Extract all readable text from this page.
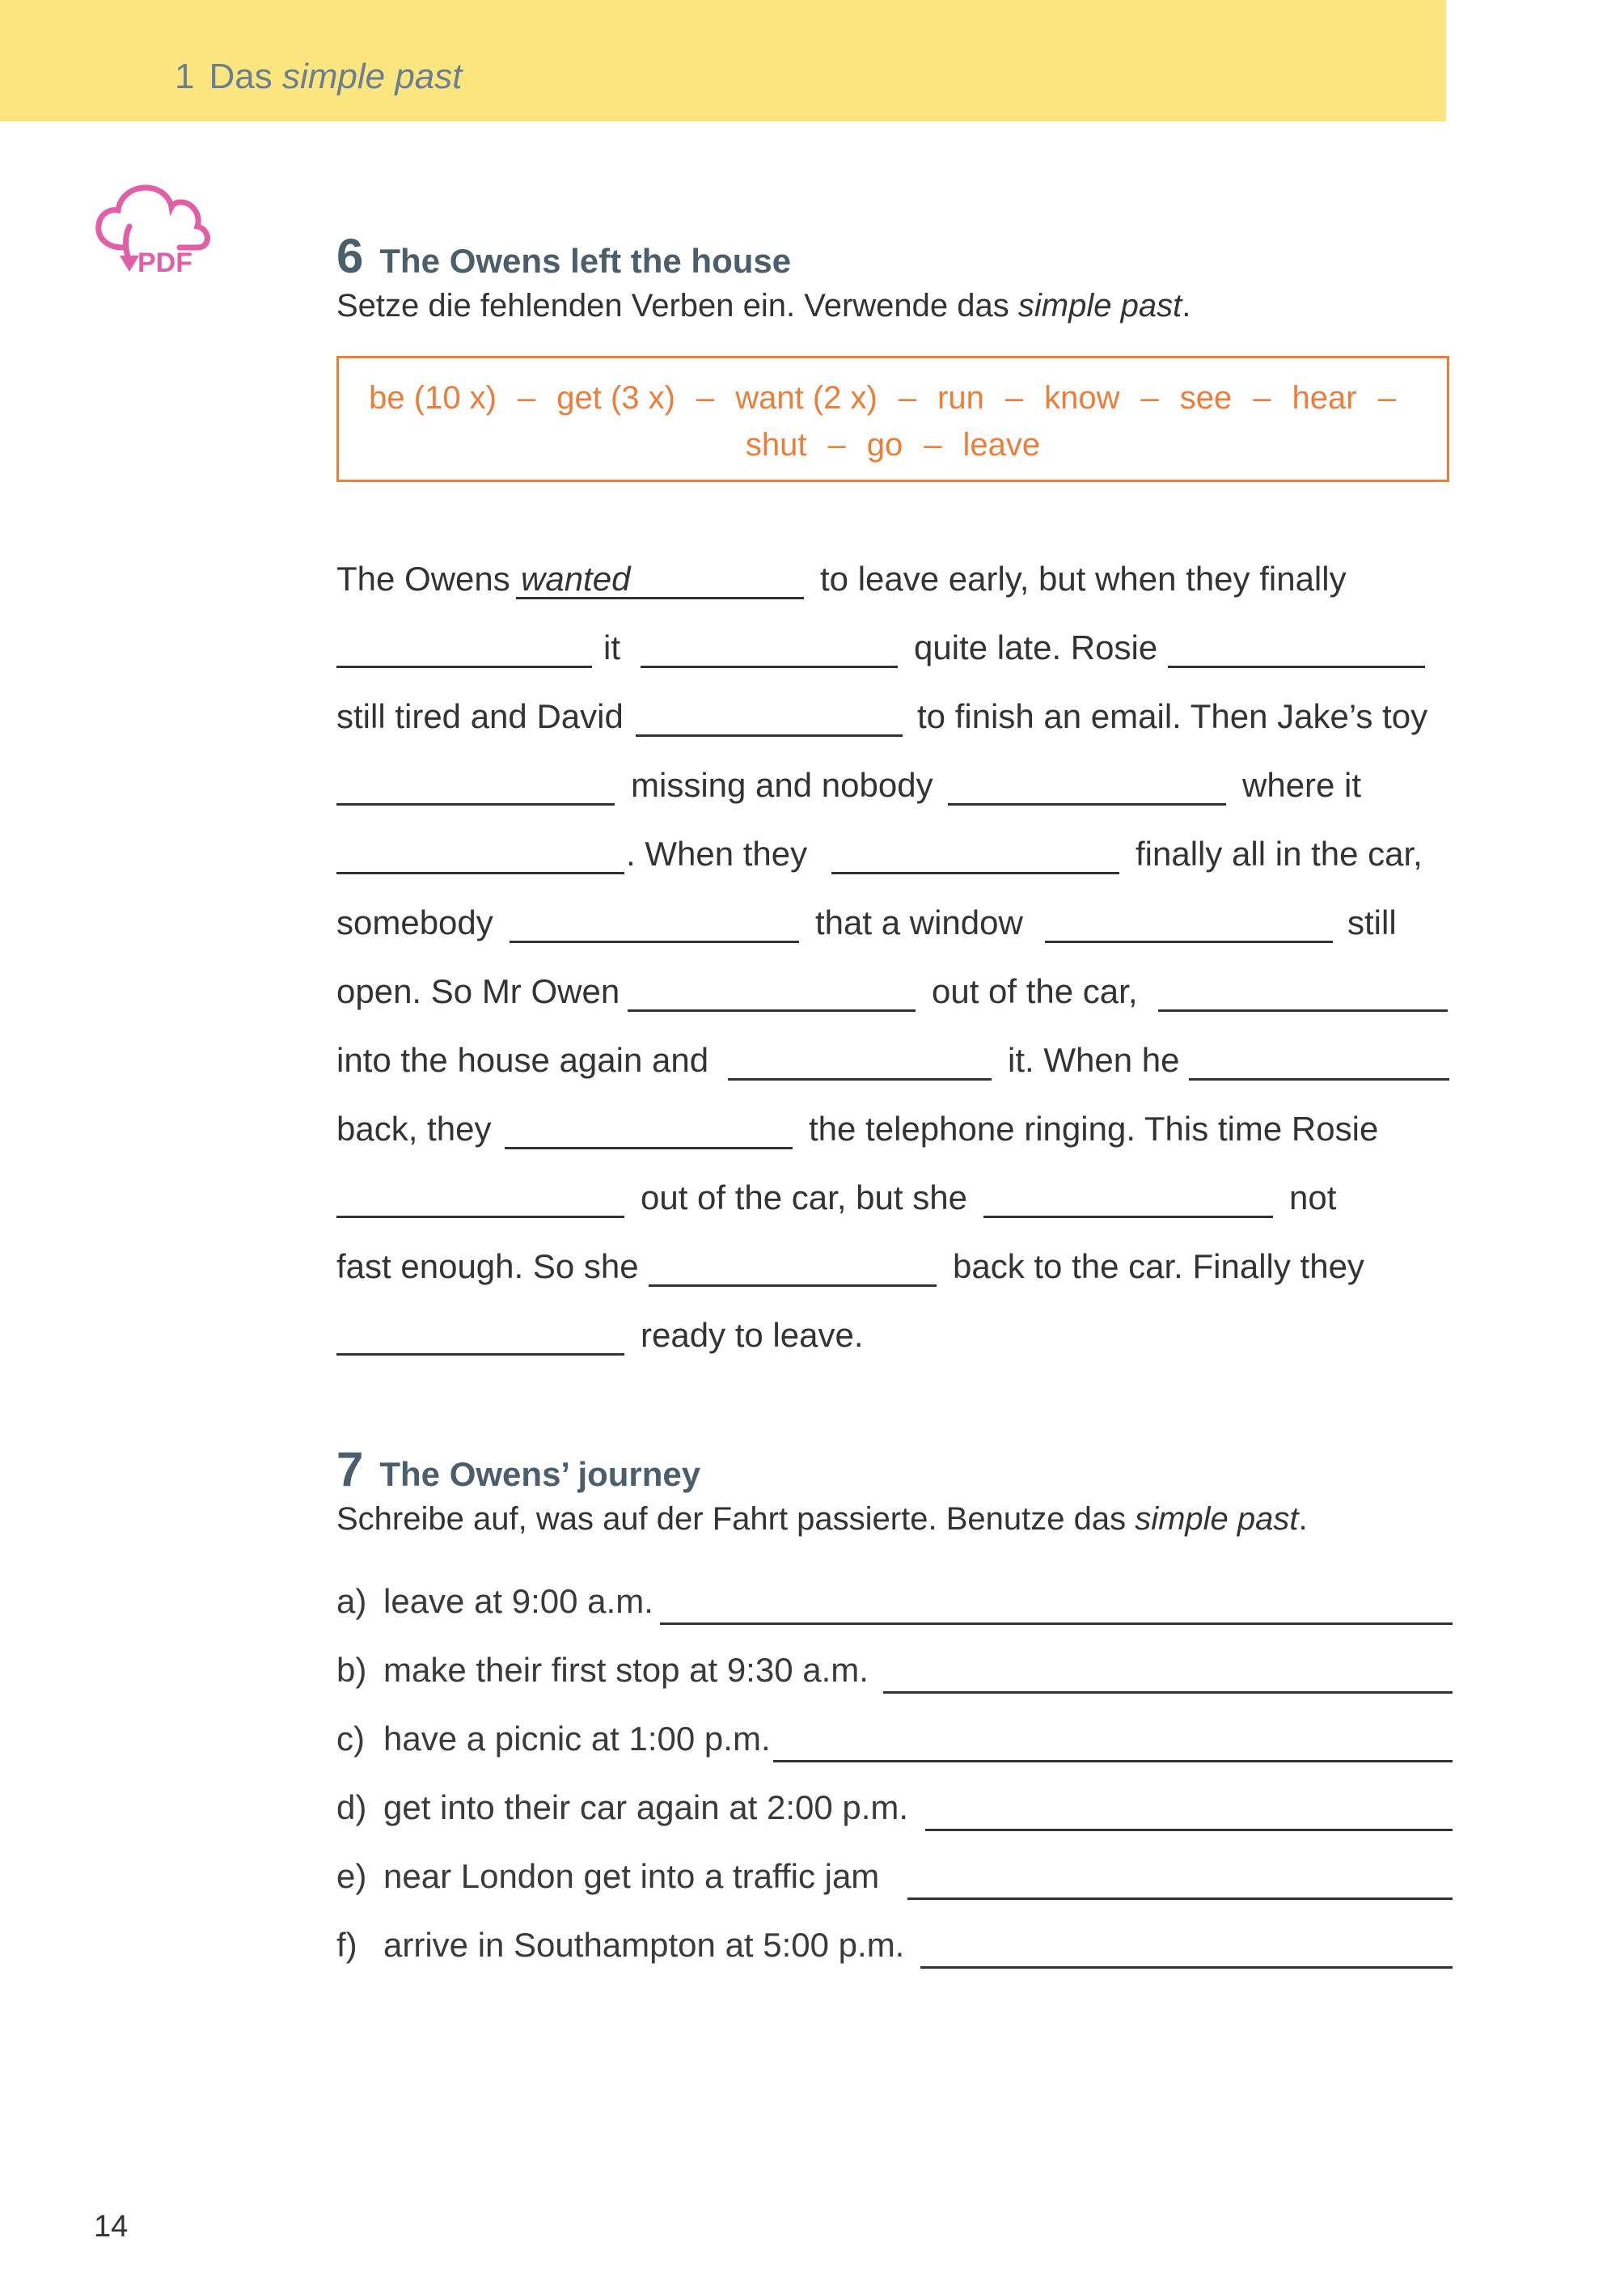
1 Das simple past
PDF	6 The Owens left the house
Setze die fehlenden Verben ein. Verwende das simple past.
be (10 x) – get (3 x) – want (2 x) – run – know – see – hear –
shut – go – leave
The Owens wanted	to leave early, but when they finally
it	quite late. Rosie
still tired and David	to finish an email. Then Jake’s toy
missing and nobody	where it
. When they	finally all in the car,
somebody	that a window	still
open. So Mr Owen	out of the car,
into the house again and	it. When he
back, they	the telephone ringing. This time Rosie
out of the car, but she	not
fast enough. So she	back to the car. Finally they
ready to leave.
7 The Owens’ journey
Schreibe auf, was auf der Fahrt passierte. Benutze das simple past.
a) leave at 9:00 a.m.
b) make their first stop at 9:30 a.m.
c) have a picnic at 1:00 p.m.
d) get into their car again at 2:00 p.m.
e) near London get into a traffic jam
f) arrive in Southampton at 5:00 p.m.
14
